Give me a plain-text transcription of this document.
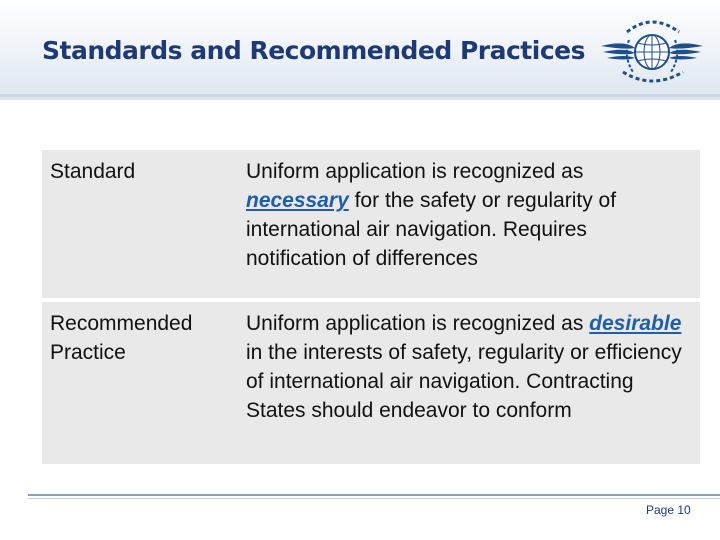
Standards and Recommended Practices
Standard	Uniform application is recognized as necessary for the safety or regularity of international air navigation. Requires notification of differences
Recommended Practice
Uniform application is recognized as desirable in the interests of safety, regularity or efficiency of international air navigation. Contracting States should endeavor to conform
Page 10
